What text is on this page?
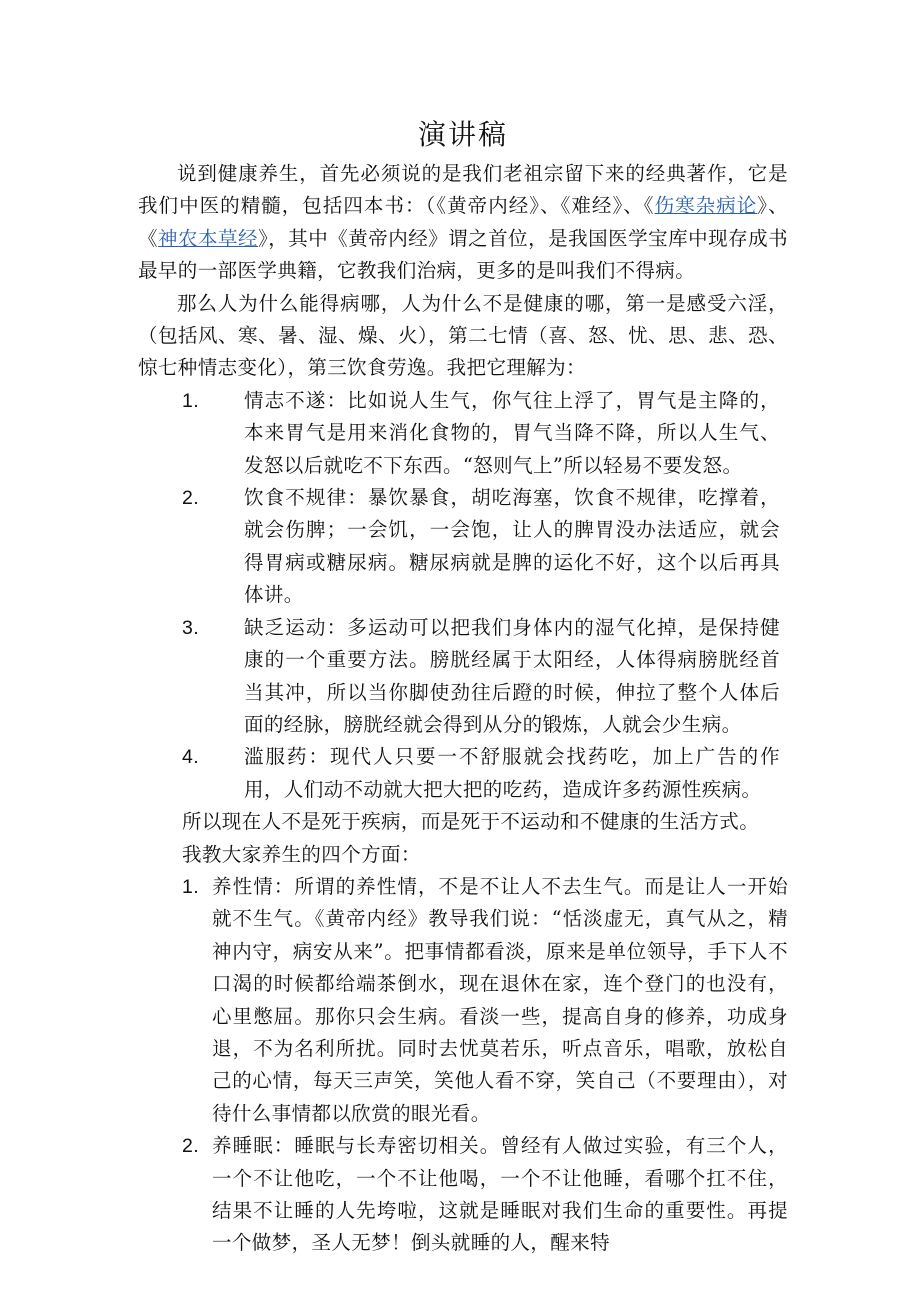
演讲稿

说到健康养生，首先必须说的是我们老祖宗留下来的经典著作，它是我们中医的精髓，包括四本书：（《黄帝内经》、《难经》、《伤寒杂病论》、《神农本草经》，其中《黄帝内经》谓之首位，是我国医学宝库中现存成书最早的一部医学典籍，它教我们治病，更多的是叫我们不得病。

那么人为什么能得病哪，人为什么不是健康的哪，第一是感受六淫，（包括风、寒、暑、湿、燥、火），第二七情（喜、怒、忧、思、悲、恐、惊七种情志变化），第三饮食劳逸。我把它理解为：

1. 情志不遂：比如说人生气，你气往上浮了，胃气是主降的，本来胃气是用来消化食物的，胃气当降不降，所以人生气、发怒以后就吃不下东西。“怒则气上”所以轻易不要发怒。
2. 饮食不规律：暴饮暴食，胡吃海塞，饮食不规律，吃撑着，就会伤脾；一会饥，一会饱，让人的脾胃没办法适应，就会得胃病或糖尿病。糖尿病就是脾的运化不好，这个以后再具体讲。
3. 缺乏运动：多运动可以把我们身体内的湿气化掉，是保持健康的一个重要方法。膀胱经属于太阳经，人体得病膀胱经首当其冲，所以当你脚使劲往后蹬的时候，伸拉了整个人体后面的经脉，膀胱经就会得到从分的锻炼，人就会少生病。
4. 滥服药：现代人只要一不舒服就会找药吃，加上广告的作用，人们动不动就大把大把的吃药，造成许多药源性疾病。

所以现在人不是死于疾病，而是死于不运动和不健康的生活方式。

我教大家养生的四个方面：

1. 养性情：所谓的养性情，不是不让人不去生气。而是让人一开始就不生气。《黄帝内经》教导我们说：“恬淡虚无，真气从之，精神内守，病安从来”。把事情都看淡，原来是单位领导，手下人不口渴的时候都给端茶倒水，现在退休在家，连个登门的也没有，心里憋屈。那你只会生病。看淡一些，提高自身的修养，功成身退，不为名利所扰。同时去忧莫若乐，听点音乐，唱歌，放松自己的心情，每天三声笑，笑他人看不穿，笑自己（不要理由），对待什么事情都以欣赏的眼光看。
2. 养睡眠：睡眠与长寿密切相关。曾经有人做过实验，有三个人，一个不让他吃，一个不让他喝，一个不让他睡，看哪个扛不住，结果不让睡的人先垮啦，这就是睡眠对我们生命的重要性。再提一个做梦，圣人无梦！倒头就睡的人，醒来特
